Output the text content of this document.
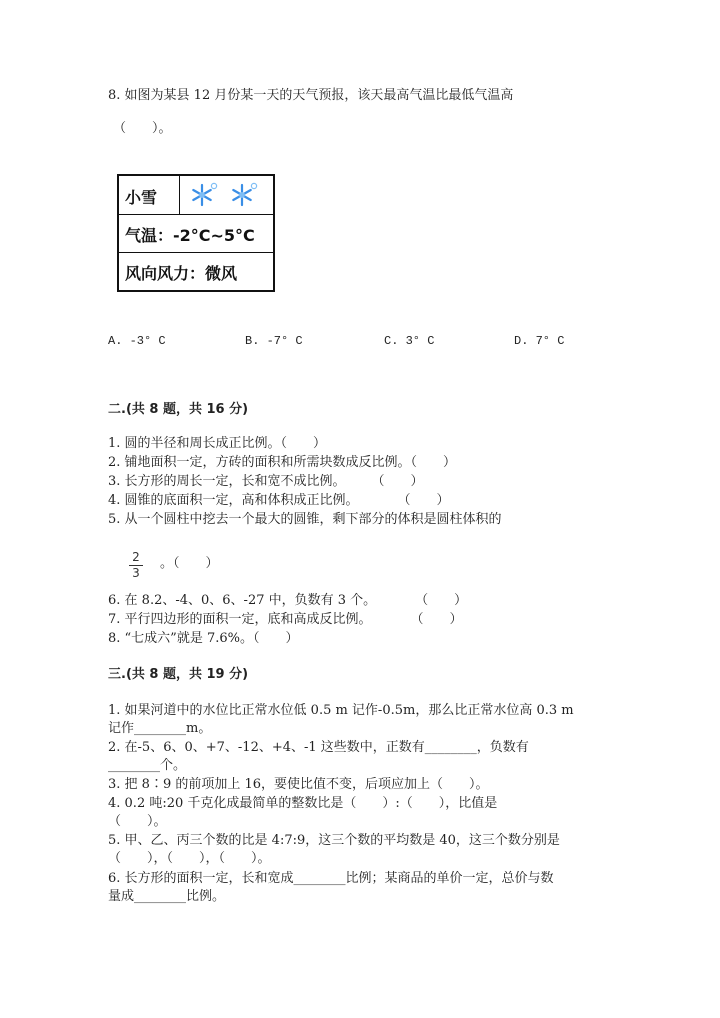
8. 如图为某县 12 月份某一天的天气预报，该天最高气温比最低气温高
（　　）。
小雪
气温：-2°C~5°C
风向风力：微风
A. -3° C	B. -7° C	C. 3° C	D. 7° C
二.(共 8 题，共 16 分)
1. 圆的半径和周长成正比例。（　　）
2. 铺地面积一定，方砖的面积和所需块数成反比例。（　　）
3. 长方形的周长一定，长和宽不成比例。　　　（　　）
4. 圆锥的底面积一定，高和体积成正比例。　　　　（　　）
5. 从一个圆柱中挖去一个最大的圆锥，剩下部分的体积是圆柱体积的
2
3
。（　　）
6. 在 8.2、-4、0、6、-27 中，负数有 3 个。　　　　（　　）
7. 平行四边形的面积一定，底和高成反比例。　　　　（　　）
8. “七成六”就是 7.6%。（　　）
三.(共 8 题，共 19 分)
1. 如果河道中的水位比正常水位低 0.5 m 记作-0.5m，那么比正常水位高 0.3 m
记作________m。
2. 在-5、6、0、+7、-12、+4、-1 这些数中，正数有________，负数有
________个。
3. 把 8∶9 的前项加上 16，要使比值不变，后项应加上（　　）。
4. 0.2 吨:20 千克化成最简单的整数比是（　　）:（　　），比值是
（　　）。
5. 甲、乙、丙三个数的比是 4:7:9，这三个数的平均数是 40，这三个数分别是
（　　），（　　），（　　）。
6. 长方形的面积一定，长和宽成________比例；某商品的单价一定，总价与数
量成________比例。
